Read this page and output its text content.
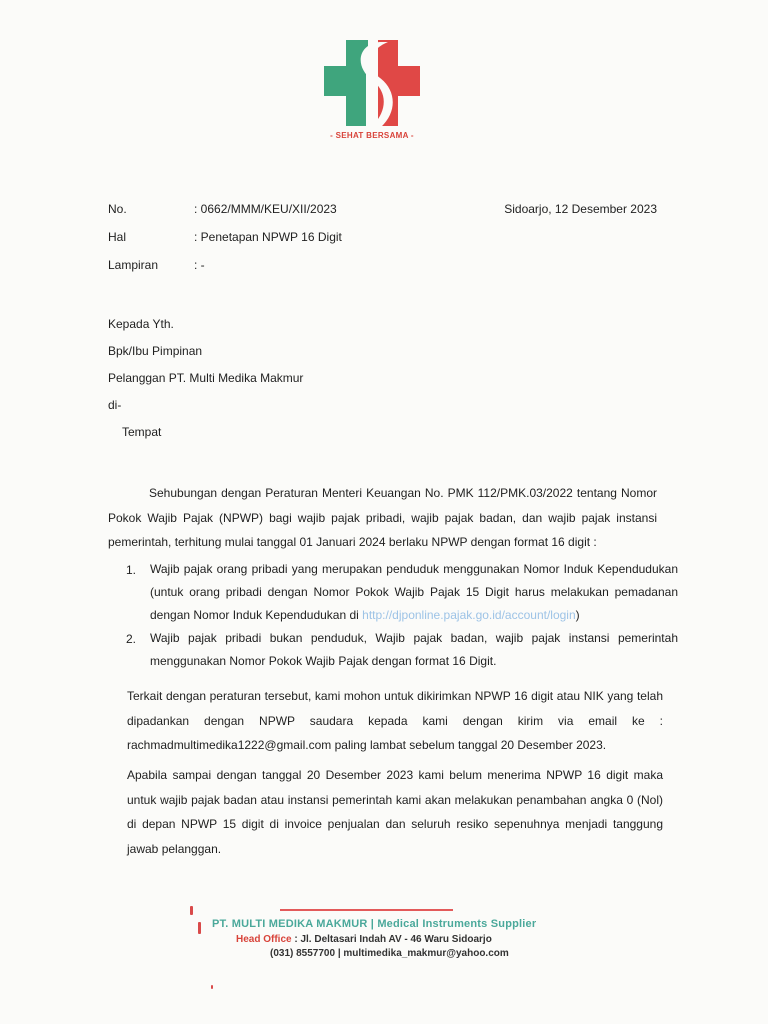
- SEHAT BERSAMA -
No.	: 0662/MMM/KEU/XII/2023	Sidoarjo, 12 Desember 2023
Hal	: Penetapan NPWP 16 Digit
Lampiran	: -
Kepada Yth.
Bpk/Ibu Pimpinan
Pelanggan PT. Multi Medika Makmur
di-
Tempat

Sehubungan dengan Peraturan Menteri Keuangan No. PMK 112/PMK.03/2022 tentang Nomor Pokok Wajib Pajak (NPWP) bagi wajib pajak pribadi, wajib pajak badan, dan wajib pajak instansi pemerintah, terhitung mulai tanggal 01 Januari 2024 berlaku NPWP dengan format 16 digit :

1. Wajib pajak orang pribadi yang merupakan penduduk menggunakan Nomor Induk Kependudukan (untuk orang pribadi dengan Nomor Pokok Wajib Pajak 15 Digit harus melakukan pemadanan dengan Nomor Induk Kependudukan di http://djponline.pajak.go.id/account/login)
2. Wajib pajak pribadi bukan penduduk, Wajib pajak badan, wajib pajak instansi pemerintah menggunakan Nomor Pokok Wajib Pajak dengan format 16 Digit.

Terkait dengan peraturan tersebut, kami mohon untuk dikirimkan NPWP 16 digit atau NIK yang telah dipadankan dengan NPWP saudara kepada kami dengan kirim via email ke : rachmadmultimedika1222@gmail.com paling lambat sebelum tanggal 20 Desember 2023.

Apabila sampai dengan tanggal 20 Desember 2023 kami belum menerima NPWP 16 digit maka untuk wajib pajak badan atau instansi pemerintah kami akan melakukan penambahan angka 0 (Nol) di depan NPWP 15 digit di invoice penjualan dan seluruh resiko sepenuhnya menjadi tanggung jawab pelanggan.

PT. MULTI MEDIKA MAKMUR | Medical Instruments Supplier
Head Office : Jl. Deltasari Indah AV - 46 Waru Sidoarjo
(031) 8557700 | multimedika_makmur@yahoo.com
